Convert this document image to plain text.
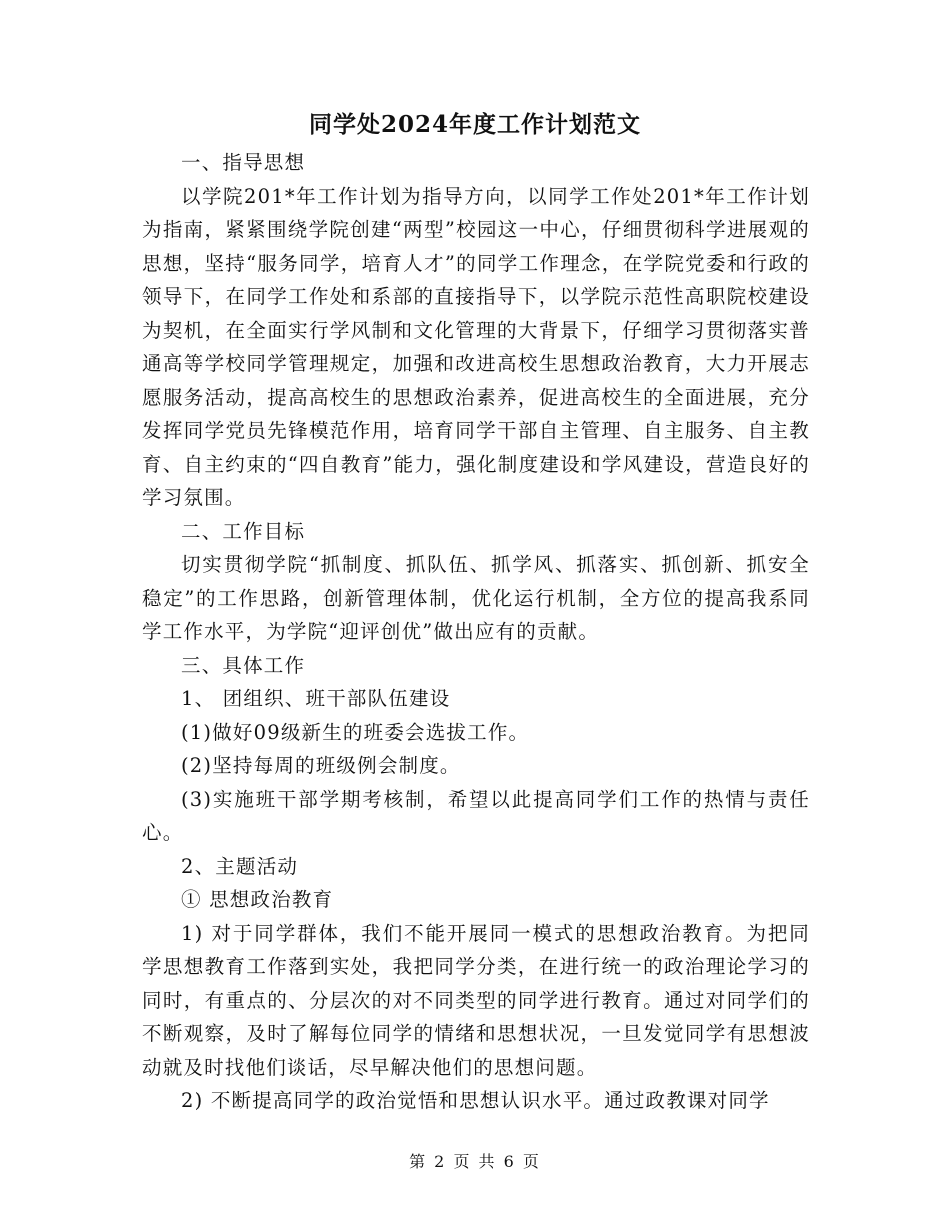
同学处2024年度工作计划范文

一、指导思想

以学院201*年工作计划为指导方向，以同学工作处201*年工作计划为指南，紧紧围绕学院创建“两型”校园这一中心，仔细贯彻科学进展观的思想，坚持“服务同学，培育人才”的同学工作理念，在学院党委和行政的领导下，在同学工作处和系部的直接指导下，以学院示范性高职院校建设为契机，在全面实行学风制和文化管理的大背景下，仔细学习贯彻落实普通高等学校同学管理规定，加强和改进高校生思想政治教育，大力开展志愿服务活动，提高高校生的思想政治素养，促进高校生的全面进展，充分发挥同学党员先锋模范作用，培育同学干部自主管理、自主服务、自主教育、自主约束的“四自教育”能力，强化制度建设和学风建设，营造良好的学习氛围。

二、工作目标

切实贯彻学院“抓制度、抓队伍、抓学风、抓落实、抓创新、抓安全稳定”的工作思路，创新管理体制，优化运行机制，全方位的提高我系同学工作水平，为学院“迎评创优”做出应有的贡献。

三、具体工作

1、 团组织、班干部队伍建设

(1)做好09级新生的班委会选拔工作。

(2)坚持每周的班级例会制度。

(3)实施班干部学期考核制，希望以此提高同学们工作的热情与责任心。

2、主题活动

① 思想政治教育

1) 对于同学群体，我们不能开展同一模式的思想政治教育。为把同学思想教育工作落到实处，我把同学分类，在进行统一的政治理论学习的同时，有重点的、分层次的对不同类型的同学进行教育。通过对同学们的不断观察，及时了解每位同学的情绪和思想状况，一旦发觉同学有思想波动就及时找他们谈话，尽早解决他们的思想问题。

2) 不断提高同学的政治觉悟和思想认识水平。通过政教课对同学

第 2 页 共 6 页
